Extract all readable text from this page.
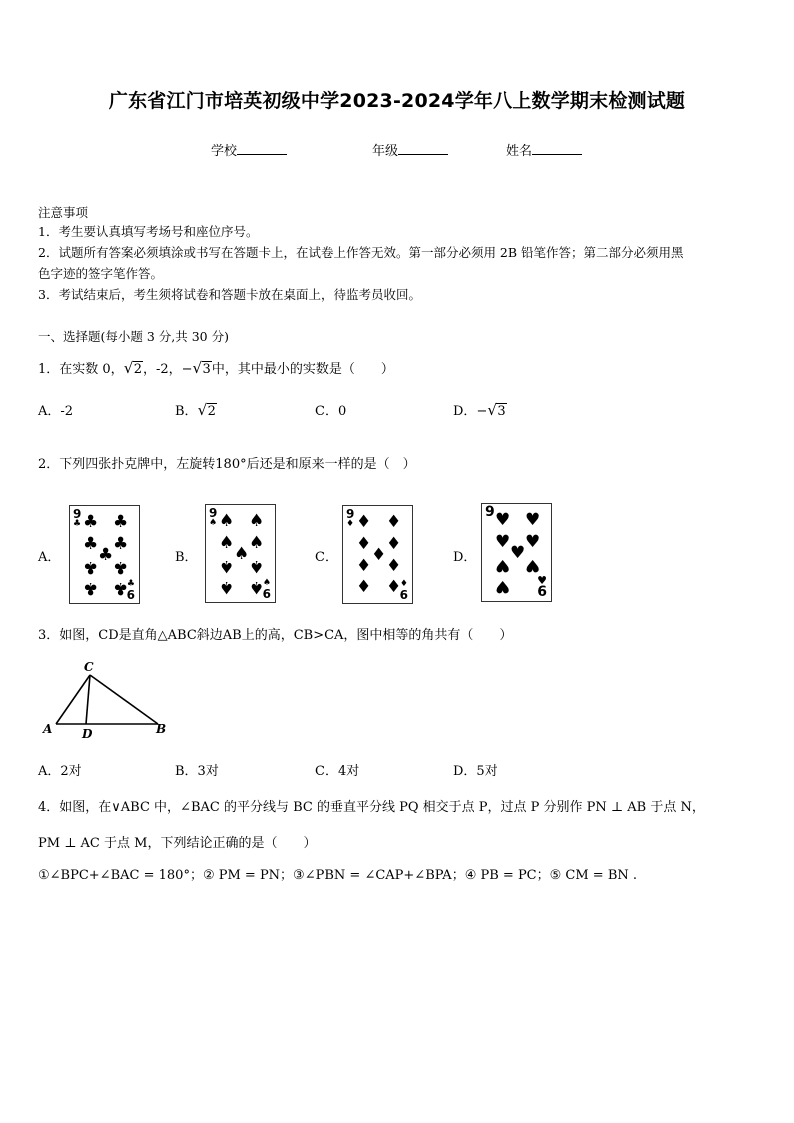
广东省江门市培英初级中学2023-2024学年八上数学期末检测试题
学校	年级	姓名
注意事项
1．考生要认真填写考场号和座位序号。
2．试题所有答案必须填涂或书写在答题卡上，在试卷上作答无效。第一部分必须用 2B 铅笔作答；第二部分必须用黑
色字迹的签字笔作答。
3．考试结束后，考生须将试卷和答题卡放在桌面上，待监考员收回。
一、选择题(每小题 3 分,共 30 分)
1．在实数 0， √ 2，-2，− √ 3中，其中最小的实数是（　　）
A．-2	B． √ 2	C．0	D．− √ 3
2．下列四张扑克牌中，左旋转180°后还是和原来一样的是（　）
A．	B．	C．	D．
9
♣ ♣ ♣
♣ ♣
♣
♣ ♣
♣ ♣
♣
6
9
♠ ♠ ♠
♠ ♠
♠
♠ ♠
♠ ♠
♠
6
9
♦ ♦ ♦
♦ ♦
♦
♦ ♦
♦ ♦
♦
6
9 ♥ ♥
♥ ♥
♥
♥ ♥
♥ ♥
6
3．如图，CD是直角△ABC斜边AB上的高，CB>CA，图中相等的角共有（　　）
C
A D	B
A．2对	B．3对	C．4对	D．5对
4．如图，在∨ABC 中，∠BAC 的平分线与 BC 的垂直平分线 PQ 相交于点 P，过点 P 分别作 PN ⊥ AB 于点 N，
PM ⊥ AC 于点 M，下列结论正确的是（　　）
①∠BPC+∠BAC = 180°；② PM = PN；③∠PBN = ∠CAP+∠BPA；④ PB = PC；⑤ CM = BN .
